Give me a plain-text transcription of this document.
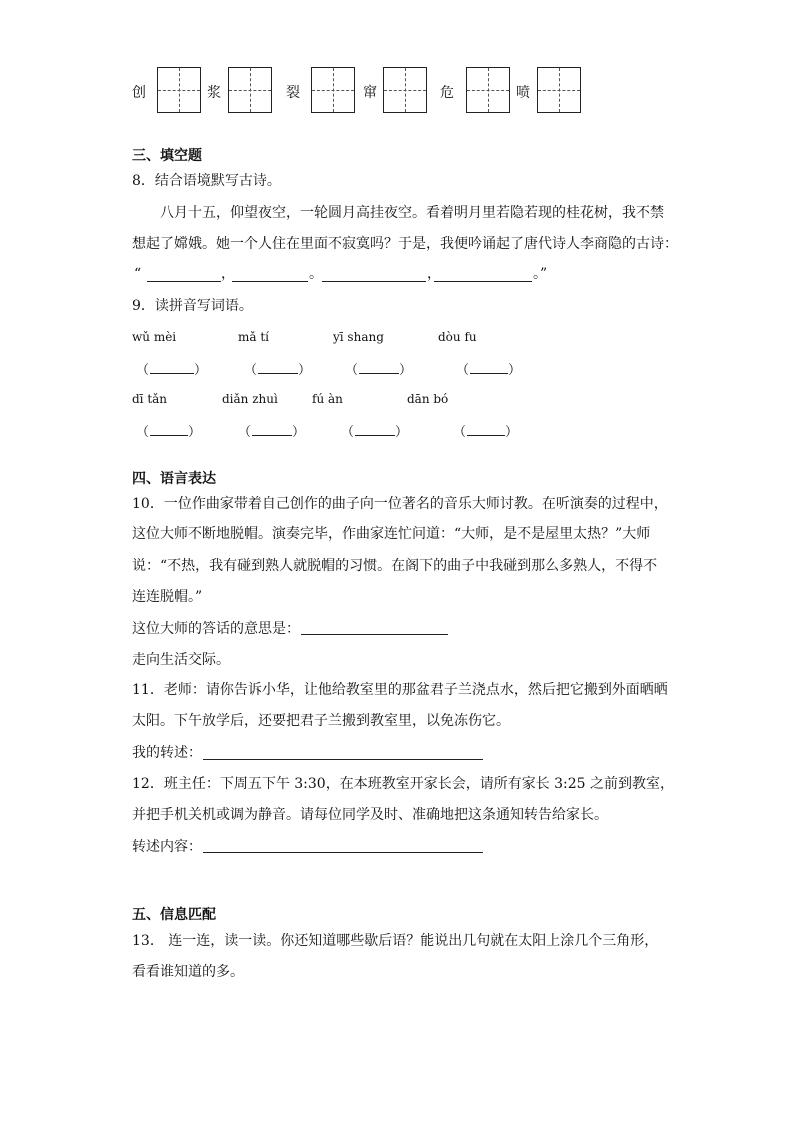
创	浆	裂	窜	危	喷
三、填空题
8．结合语境默写古诗。
八月十五，仰望夜空，一轮圆月高挂夜空。看着明月里若隐若现的桂花树，我不禁
想起了嫦娥。她一个人住在里面不寂寞吗？于是，我便吟诵起了唐代诗人李商隐的古诗：
“	，	。	，	。”
9．读拼音写词语。
wǔ mèi	mǎ tí	yī shang	dòu fu
（	）	（	）	（	）	（	）
dī tǎn	diǎn zhuì	fú àn	dān bó
（	）	（	）	（	）	（	）
四、语言表达
10．一位作曲家带着自己创作的曲子向一位著名的音乐大师讨教。在听演奏的过程中，
这位大师不断地脱帽。演奏完毕，作曲家连忙问道：“大师，是不是屋里太热？”大师
说：“不热，我有碰到熟人就脱帽的习惯。在阁下的曲子中我碰到那么多熟人，不得不
连连脱帽。”
这位大师的答话的意思是：
走向生活交际。
11．老师：请你告诉小华，让他给教室里的那盆君子兰浇点水，然后把它搬到外面晒晒
太阳。下午放学后，还要把君子兰搬到教室里，以免冻伤它。
我的转述：
12．班主任：下周五下午 3:30，在本班教室开家长会，请所有家长 3:25 之前到教室，
并把手机关机或调为静音。请每位同学及时、准确地把这条通知转告给家长。
转述内容：
五、信息匹配
13． 连一连，读一读。你还知道哪些歇后语？能说出几句就在太阳上涂几个三角形，
看看谁知道的多。
